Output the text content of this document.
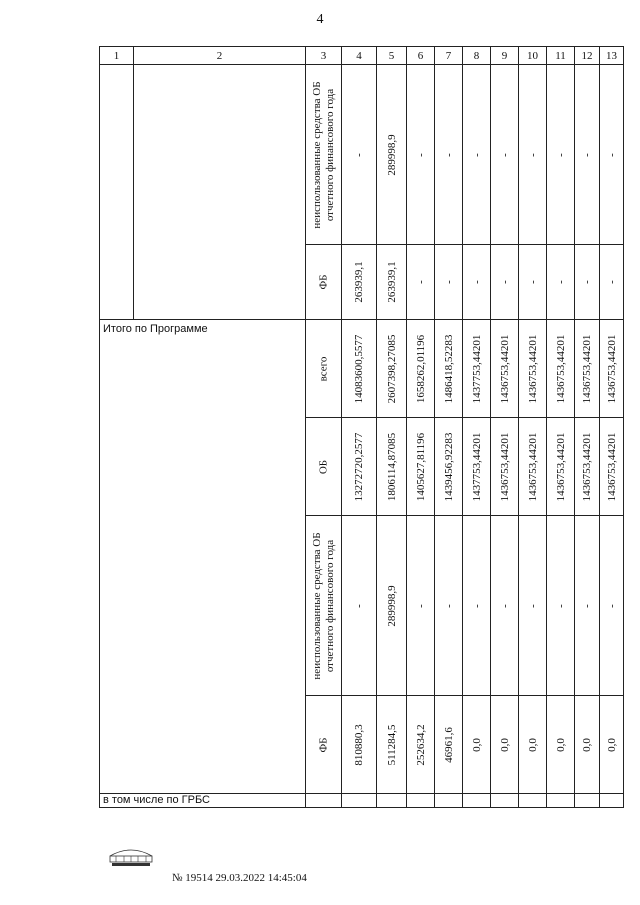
4
1	2	3	4	5	6	7	8	9	10	11	12	13

		неиспользованные средства ОБ отчетного финансового года	-	289998,9	-	-	-	-	-	-	-	-

		ФБ	263939,1	263939,1	-	-	-	-	-	-	-	-

Итого по Программе		всего	14083600,5577	2607398,27085	1658262,01196	1486418,52283	1437753,44201	1436753,44201	1436753,44201	1436753,44201	1436753,44201	1436753,44201

		ОБ	13272720,2577	1806114,87085	1405627,81196	1439456,92283	1437753,44201	1436753,44201	1436753,44201	1436753,44201	1436753,44201	1436753,44201

		неиспользованные средства ОБ отчетного финансового года	-	289998,9	-	-	-	-	-	-	-	-

		ФБ	810880,3	511284,5	252634,2	46961,6	0,0	0,0	0,0	0,0	0,0	0,0

в том числе по ГРБС												

№ 19514 29.03.2022 14:45:04
